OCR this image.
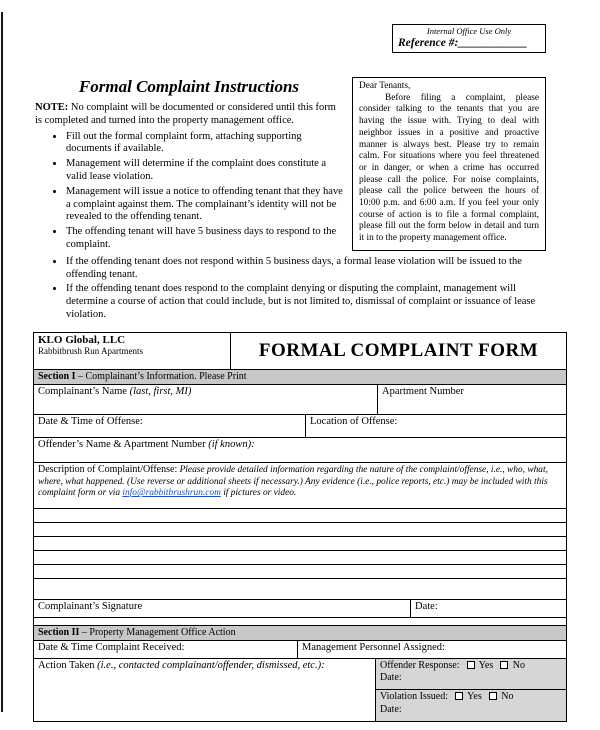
Internal Office Use Only
Reference #:____________
Formal Complaint Instructions

NOTE: No complaint will be documented or considered until this form is completed and turned into the property management office.

• Fill out the formal complaint form, attaching supporting documents if available.
• Management will determine if the complaint does constitute a valid lease violation.
• Management will issue a notice to offending tenant that they have a complaint against them. The complainant’s identity will not be revealed to the offending tenant.
• The offending tenant will have 5 business days to respond to the complaint.
Dear Tenants,

Before filing a complaint, please consider talking to the tenants that you are having the issue with. Trying to deal with neighbor issues in a positive and proactive manner is always best. Please try to remain calm. For situations where you feel threatened or in danger, or when a crime has occurred please call the police. For noise complaints, please call the police between the hours of 10:00 p.m. and 6:00 a.m. If you feel your only course of action is to file a formal complaint, please fill out the form below in detail and turn it in to the property management office.

• If the offending tenant does not respond within 5 business days, a formal lease violation will be issued to the offending tenant.
• If the offending tenant does respond to the complaint denying or disputing the complaint, management will determine a course of action that could include, but is not limited to, dismissal of complaint or issuance of lease violation.
KLO Global, LLC
Rabbitbrush Run Apartments	FORMAL COMPLAINT FORM
Section I – Complainant’s Information. Please Print
Complainant’s Name (last, first, MI)	Apartment Number
Date & Time of Offense:	Location of Offense:
Offender’s Name & Apartment Number (if known):
Description of Complaint/Offense: Please provide detailed information regarding the nature of the complaint/offense, i.e., who, what, where, what happened. (Use reverse or additional sheets if necessary.) Any evidence (i.e., police reports, etc.) may be included with this complaint form or via info@rabbitbrushrun.com if pictures or video.
Complainant’s Signature	Date:
Section II – Property Management Office Action
Date & Time Complaint Received:	Management Personnel Assigned:
Action Taken (i.e., contacted complainant/offender, dismissed, etc.):	Offender Response: Yes No
Date:
Violation Issued: Yes No
Date:
